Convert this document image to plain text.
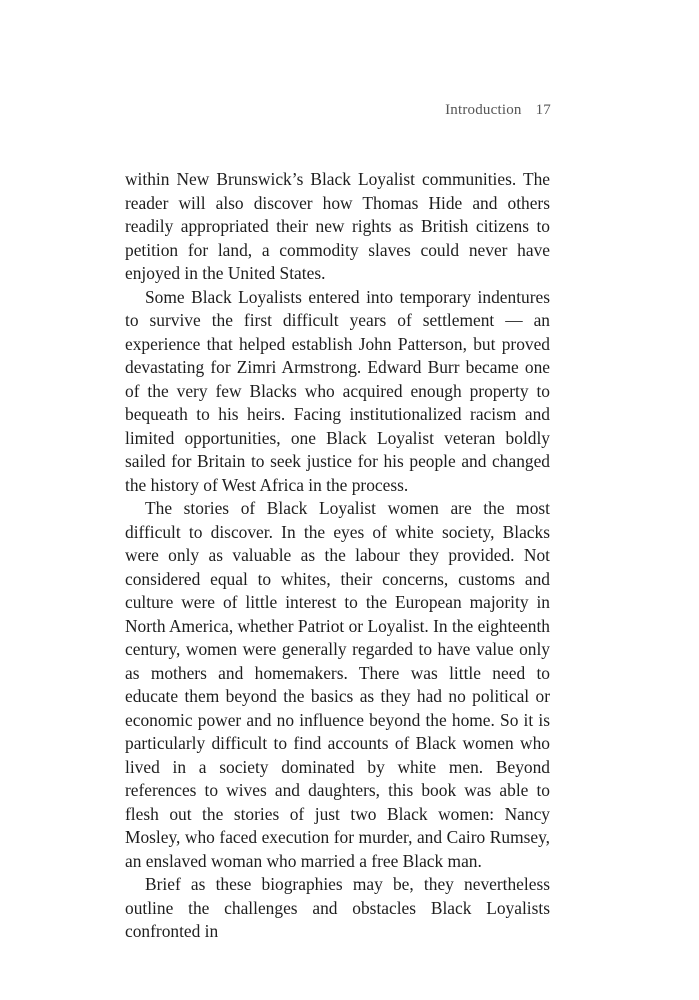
Introduction 17

within New Brunswick’s Black Loyalist communities. The reader will also discover how Thomas Hide and others readily appropriated their new rights as British citizens to petition for land, a commodity slaves could never have enjoyed in the United States.

Some Black Loyalists entered into temporary indentures to survive the first difficult years of settlement — an experience that helped establish John Patterson, but proved devastating for Zimri Armstrong. Edward Burr became one of the very few Blacks who acquired enough property to bequeath to his heirs. Facing institutionalized racism and limited opportunities, one Black Loyalist veteran boldly sailed for Britain to seek justice for his people and changed the history of West Africa in the process.

The stories of Black Loyalist women are the most difficult to discover. In the eyes of white society, Blacks were only as valuable as the labour they provided. Not considered equal to whites, their concerns, customs and culture were of little interest to the European majority in North America, whether Patriot or Loyalist. In the eighteenth century, women were generally regarded to have value only as mothers and homemakers. There was little need to educate them beyond the basics as they had no political or economic power and no influence beyond the home. So it is particularly difficult to find accounts of Black women who lived in a society dominated by white men. Beyond references to wives and daughters, this book was able to flesh out the stories of just two Black women: Nancy Mosley, who faced execution for murder, and Cairo Rumsey, an enslaved woman who married a free Black man.

Brief as these biographies may be, they nevertheless outline the challenges and obstacles Black Loyalists confronted in
